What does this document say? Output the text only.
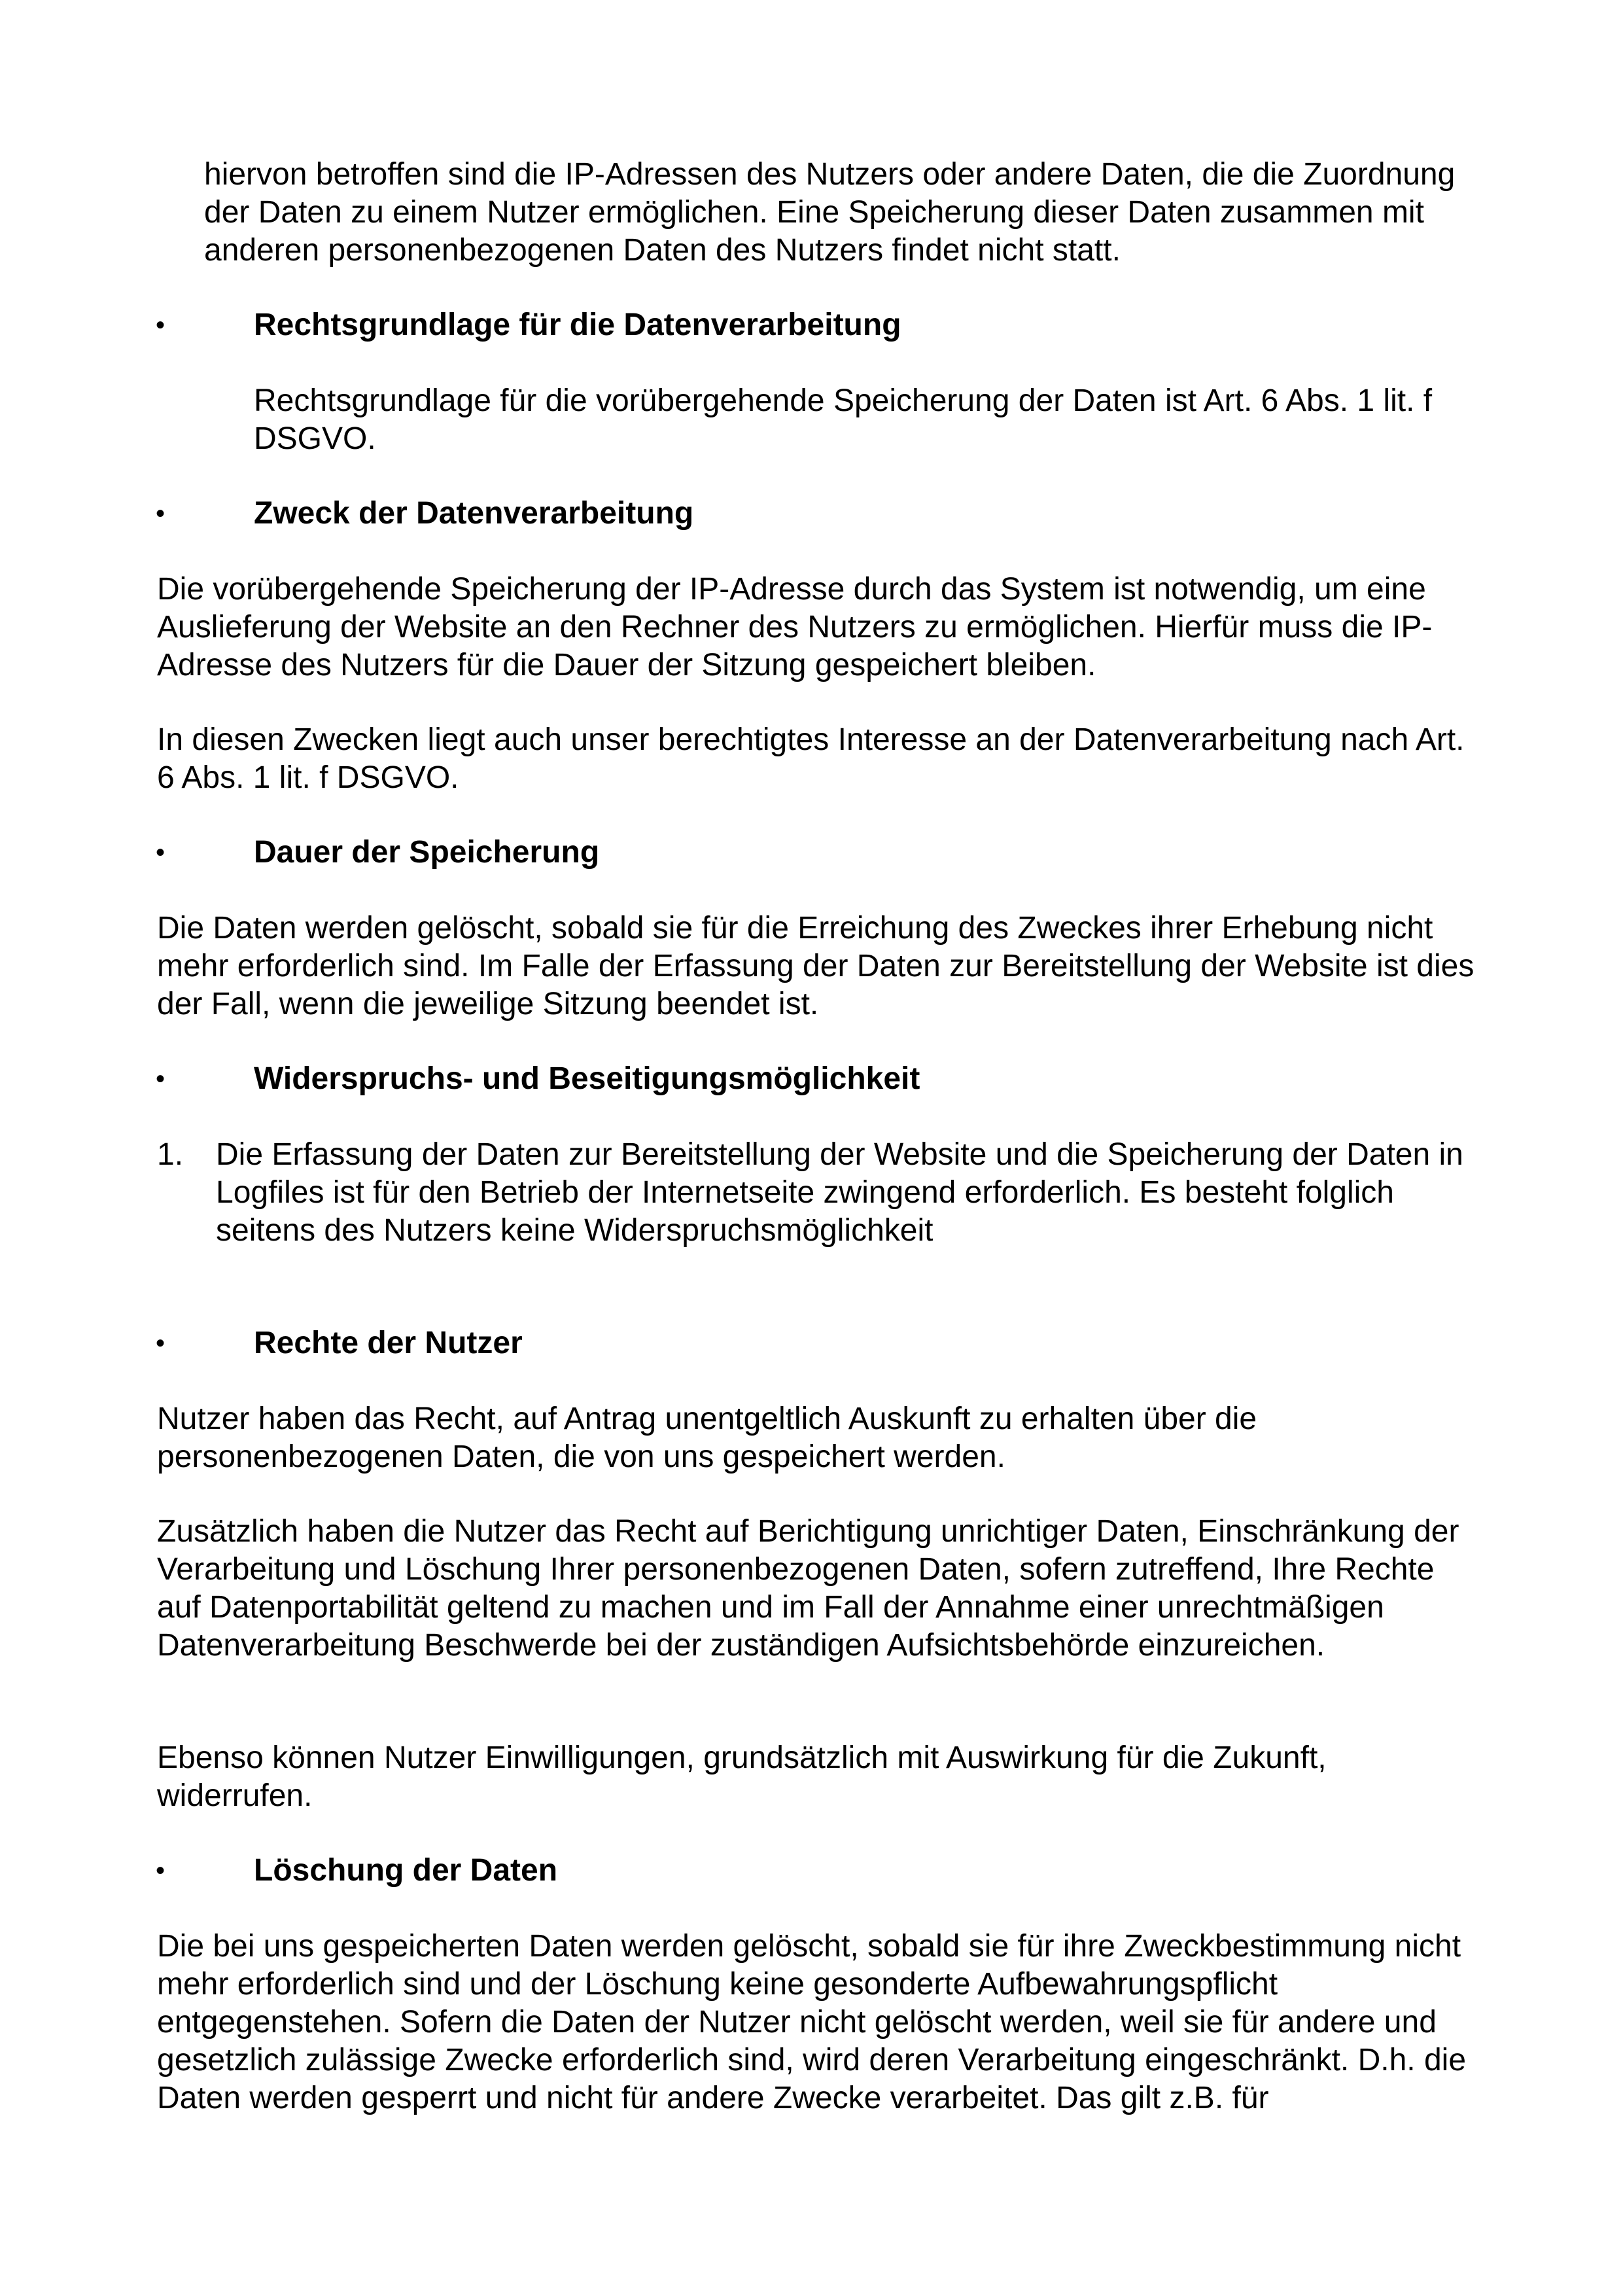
hiervon betroffen sind die IP-Adressen des Nutzers oder andere Daten, die die Zuordnung der Daten zu einem Nutzer ermöglichen. Eine Speicherung dieser Daten zusammen mit anderen personenbezogenen Daten des Nutzers findet nicht statt.

•	Rechtsgrundlage für die Datenverarbeitung

Rechtsgrundlage für die vorübergehende Speicherung der Daten ist Art. 6 Abs. 1 lit. f DSGVO.

•	Zweck der Datenverarbeitung

Die vorübergehende Speicherung der IP-Adresse durch das System ist notwendig, um eine Auslieferung der Website an den Rechner des Nutzers zu ermöglichen. Hierfür muss die IP-Adresse des Nutzers für die Dauer der Sitzung gespeichert bleiben.

In diesen Zwecken liegt auch unser berechtigtes Interesse an der Datenverarbeitung nach Art. 6 Abs. 1 lit. f DSGVO.

•	Dauer der Speicherung

Die Daten werden gelöscht, sobald sie für die Erreichung des Zweckes ihrer Erhebung nicht mehr erforderlich sind. Im Falle der Erfassung der Daten zur Bereitstellung der Website ist dies der Fall, wenn die jeweilige Sitzung beendet ist.

•	Widerspruchs- und Beseitigungsmöglichkeit
1. Die Erfassung der Daten zur Bereitstellung der Website und die Speicherung der Daten in Logfiles ist für den Betrieb der Internetseite zwingend erforderlich. Es besteht folglich seitens des Nutzers keine Widerspruchsmöglichkeit
•	Rechte der Nutzer

Nutzer haben das Recht, auf Antrag unentgeltlich Auskunft zu erhalten über die personenbezogenen Daten, die von uns gespeichert werden.

Zusätzlich haben die Nutzer das Recht auf Berichtigung unrichtiger Daten, Einschränkung der Verarbeitung und Löschung Ihrer personenbezogenen Daten, sofern zutreffend, Ihre Rechte auf Datenportabilität geltend zu machen und im Fall der Annahme einer unrechtmäßigen Datenverarbeitung Beschwerde bei der zuständigen Aufsichtsbehörde einzureichen.

Ebenso können Nutzer Einwilligungen, grundsätzlich mit Auswirkung für die Zukunft, widerrufen.

•	Löschung der Daten

Die bei uns gespeicherten Daten werden gelöscht, sobald sie für ihre Zweckbestimmung nicht mehr erforderlich sind und der Löschung keine gesonderte Aufbewahrungspflicht entgegenstehen. Sofern die Daten der Nutzer nicht gelöscht werden, weil sie für andere und gesetzlich zulässige Zwecke erforderlich sind, wird deren Verarbeitung eingeschränkt. D.h. die Daten werden gesperrt und nicht für andere Zwecke verarbeitet. Das gilt z.B. für
